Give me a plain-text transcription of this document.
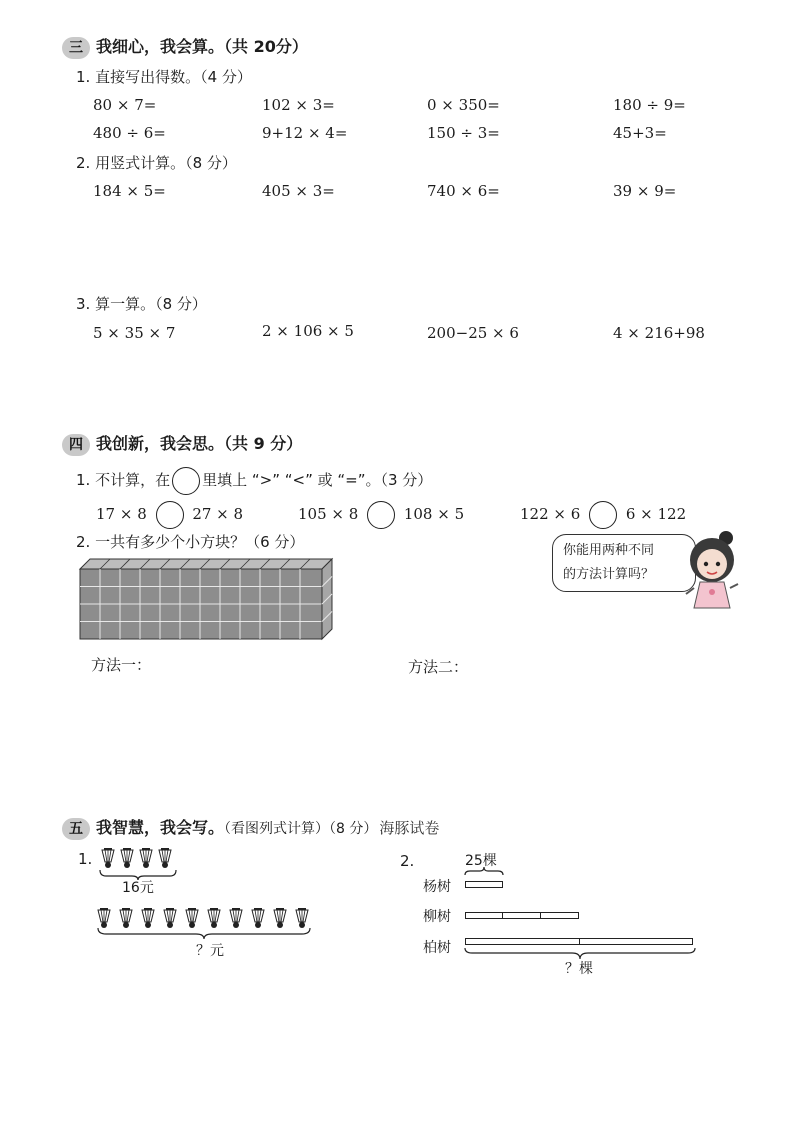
三 我细心，我会算。（共 20分）
1. 直接写出得数。（4 分）
80 × 7=	102 × 3=	0 × 350=	180 ÷ 9=
480 ÷ 6=	9+12 × 4=	150 ÷ 3=	45+3=
2. 用竖式计算。（8 分）
184 × 5=	405 × 3=	740 × 6=	39 × 9=
3. 算一算。（8 分）
5 × 35 × 7	2 × 106 × 5	200−25 × 6	4 × 216+98
四 我创新，我会思。（共 9 分）
1. 不计算，在 里填上 “>” “<” 或 “=”。（3 分）
17 × 8	27 × 8	105 × 8	108 × 5	122 × 6	6 × 122
2. 一共有多少个小方块？（6 分）	你能用两种不同
的方法计算吗？
方法一：	方法二：
五 我智慧，我会写。（看图列式计算）（8 分） 海豚试卷
1.
16元
？元
2.	25棵
杨树
柳树
柏树
？棵
